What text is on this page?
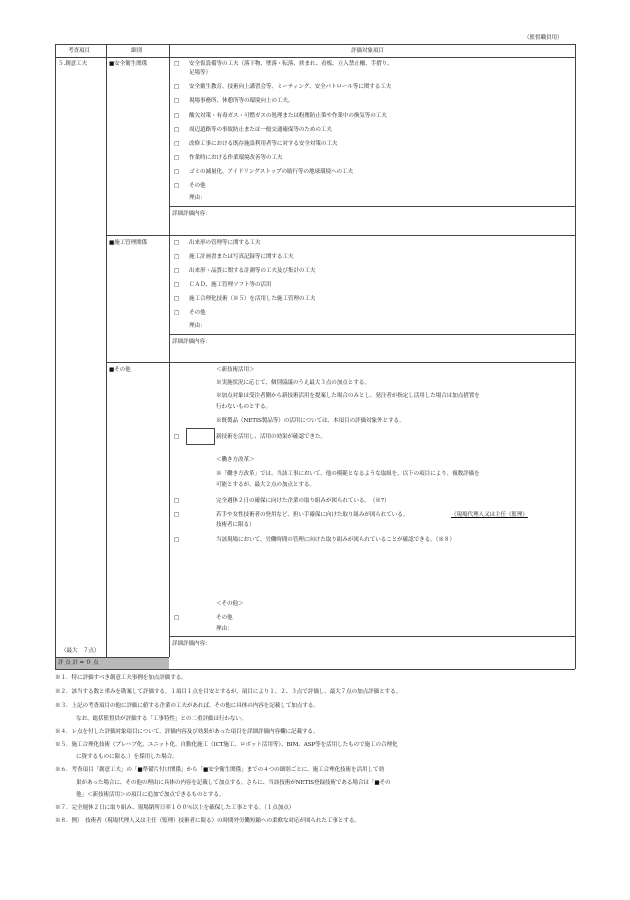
（監督職員⽤）
考査項⽬	細別	評価対象項⽬
５.創意⼯夫	■安全衛⽣関係	□ 安全仮設備等の⼯夫（落下物、墜落・転落、挟まれ、看板、⽴⼊禁⽌柵、⼿摺り、
⾜場等）
□ 安全衛⽣教育、技術向上講習会等、ミーティング、安全パトロール等に関する⼯夫
□ 現場事務所、休憩所等の環境向上の⼯夫。
□ 酸⽋対策・有毒ガス・可燃ガスの処理または粉塵防⽌策や作業中の換気等の⼯夫
□ 周辺道路等の事故防⽌または⼀般交通確保等のための⼯夫
□ 改修⼯事における既存施設利⽤者等に対する安全対策の⼯夫
□ 作業時における作業環境改善等の⼯夫
□ ゴミの減量化、アイドリングストップの励⾏等の地球環境への⼯夫
□ その他
理由：
詳細評価内容：
■施⼯管理関係	□ 出来形の管理等に関する⼯夫
□ 施⼯計画書または写真記録等に関する⼯夫
□ 出来形・品質に関する計測等の⼯夫及び集計の⼯夫
□ ＣＡＤ、施⼯管理ソフト等の活⽤
□ 施⼯合理化技術（※５）を活⽤した施⼯管理の⼯夫
□ その他
理由：
詳細評価内容：
■その他	＜新技術活⽤＞
※実施状況に応じて、個別協議のうえ最⼤３点の加点とする。
※加点対象は受注者側から新技術活⽤を提案した場合のみとし、発注者が指定し活⽤した場合は加点措置を
⾏わないものとする。
※既製品（NETIS製品等）の活⽤については、本項⽬の評価対象外とする。
□	新技術を活⽤し、活⽤の効果が確認できた。
＜働き⽅改⾰＞
※「働き⽅改⾰」では、当該⼯事において、他の模範となるような取組を、以下の項⽬により、複数評価を
可能とするが、最⼤２点の加点とする。
□	完全週休２⽇の確保に向けた企業の取り組みが図られている。　（※7）
□	若⼿や⼥性技術者の登⽤など、担い⼿確保に向けた取り組みが図られている。	（現場代理⼈又は主任（監理）
技術者に限る）
□	当該現場において、労働時間の管理に向けた取り組みが図られていることが確認できる。（※８）
＜その他＞
□	その他
理由：
詳細評価内容：
（最⼤　７点）
評 点 計 = ０ 点
※１．特に評価すべき創意⼯夫事例を加点評価する。
※２．該当する数と重みを勘案して評価する。１項⽬１点を⽬安とするが、項⽬により１、２、３点で評価し、最⼤７点の加点評価とする。
※３．上記の考査項⽬の他に評価に値する企業の⼯夫があれば、その他に具体の内容を記載して加点する。
なお、総括監督員が評価する「⼯事特性」との⼆重評価は⾏わない。
※４．レ点を付した評価対象項⽬について、評価内容及び効果があった項⽬を詳細評価内容欄に記載する。
※５．施⼯合理化技術（プレハブ化、ユニット化、⾃動化施⼯（ICT施⼯、ロボット活⽤等）、BIM、ASP等を活⽤したもので施⼯の合理化
に資するものに限る。）を採⽤した場合。
※６．考査項⽬「創意⼯夫」の「■準備⽚付け関係」から「■安全衛⽣関係」までの４つの細別ごとに、施⼯合理化技術を活⽤して効
果があった場合に、その他の理由に具体の内容を記載して加点する。さらに、当該技術がNETIS登録技術である場合は「■その
他」＜新技術活⽤＞の項⽬に追加で加点できるものとする。
※７．完全週休２⽇に取り組み、現場閉所⽇率１００％以上を確保した⼯事とする。（１点加点）
※８．例）　技術者（現場代理⼈又は主任（監理）技術者に限る）の時間外労働短縮への柔軟な対応が図られた⼯事とする。
